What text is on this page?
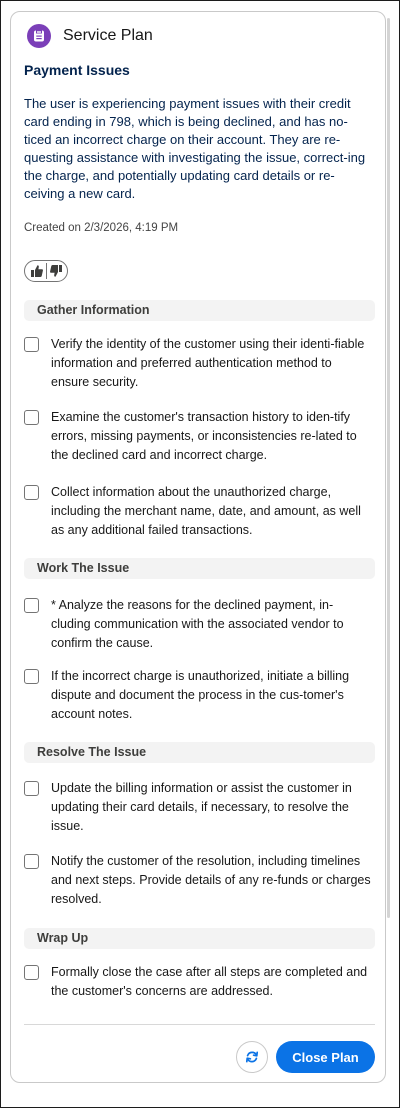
Service Plan
Payment Issues

The user is experiencing payment issues with their credit card ending in 798, which is being declined, and has no-ticed an incorrect charge on their account. They are re-questing assistance with investigating the issue, correct-ing the charge, and potentially updating card details or re-ceiving a new card.

Created on 2/3/2026, 4:19 PM
Gather Information

Verify the identity of the customer using their identi-fiable information and preferred authentication method to ensure security.

Examine the customer's transaction history to iden-tify errors, missing payments, or inconsistencies re-lated to the declined card and incorrect charge.

Collect information about the unauthorized charge, including the merchant name, date, and amount, as well as any additional failed transactions.

Work The Issue

* Analyze the reasons for the declined payment, in-cluding communication with the associated vendor to confirm the cause.

If the incorrect charge is unauthorized, initiate a billing dispute and document the process in the cus-tomer's account notes.

Resolve The Issue

Update the billing information or assist the customer in updating their card details, if necessary, to resolve the issue.

Notify the customer of the resolution, including timelines and next steps. Provide details of any re-funds or charges resolved.

Wrap Up

Formally close the case after all steps are completed and the customer's concerns are addressed.

Close Plan
